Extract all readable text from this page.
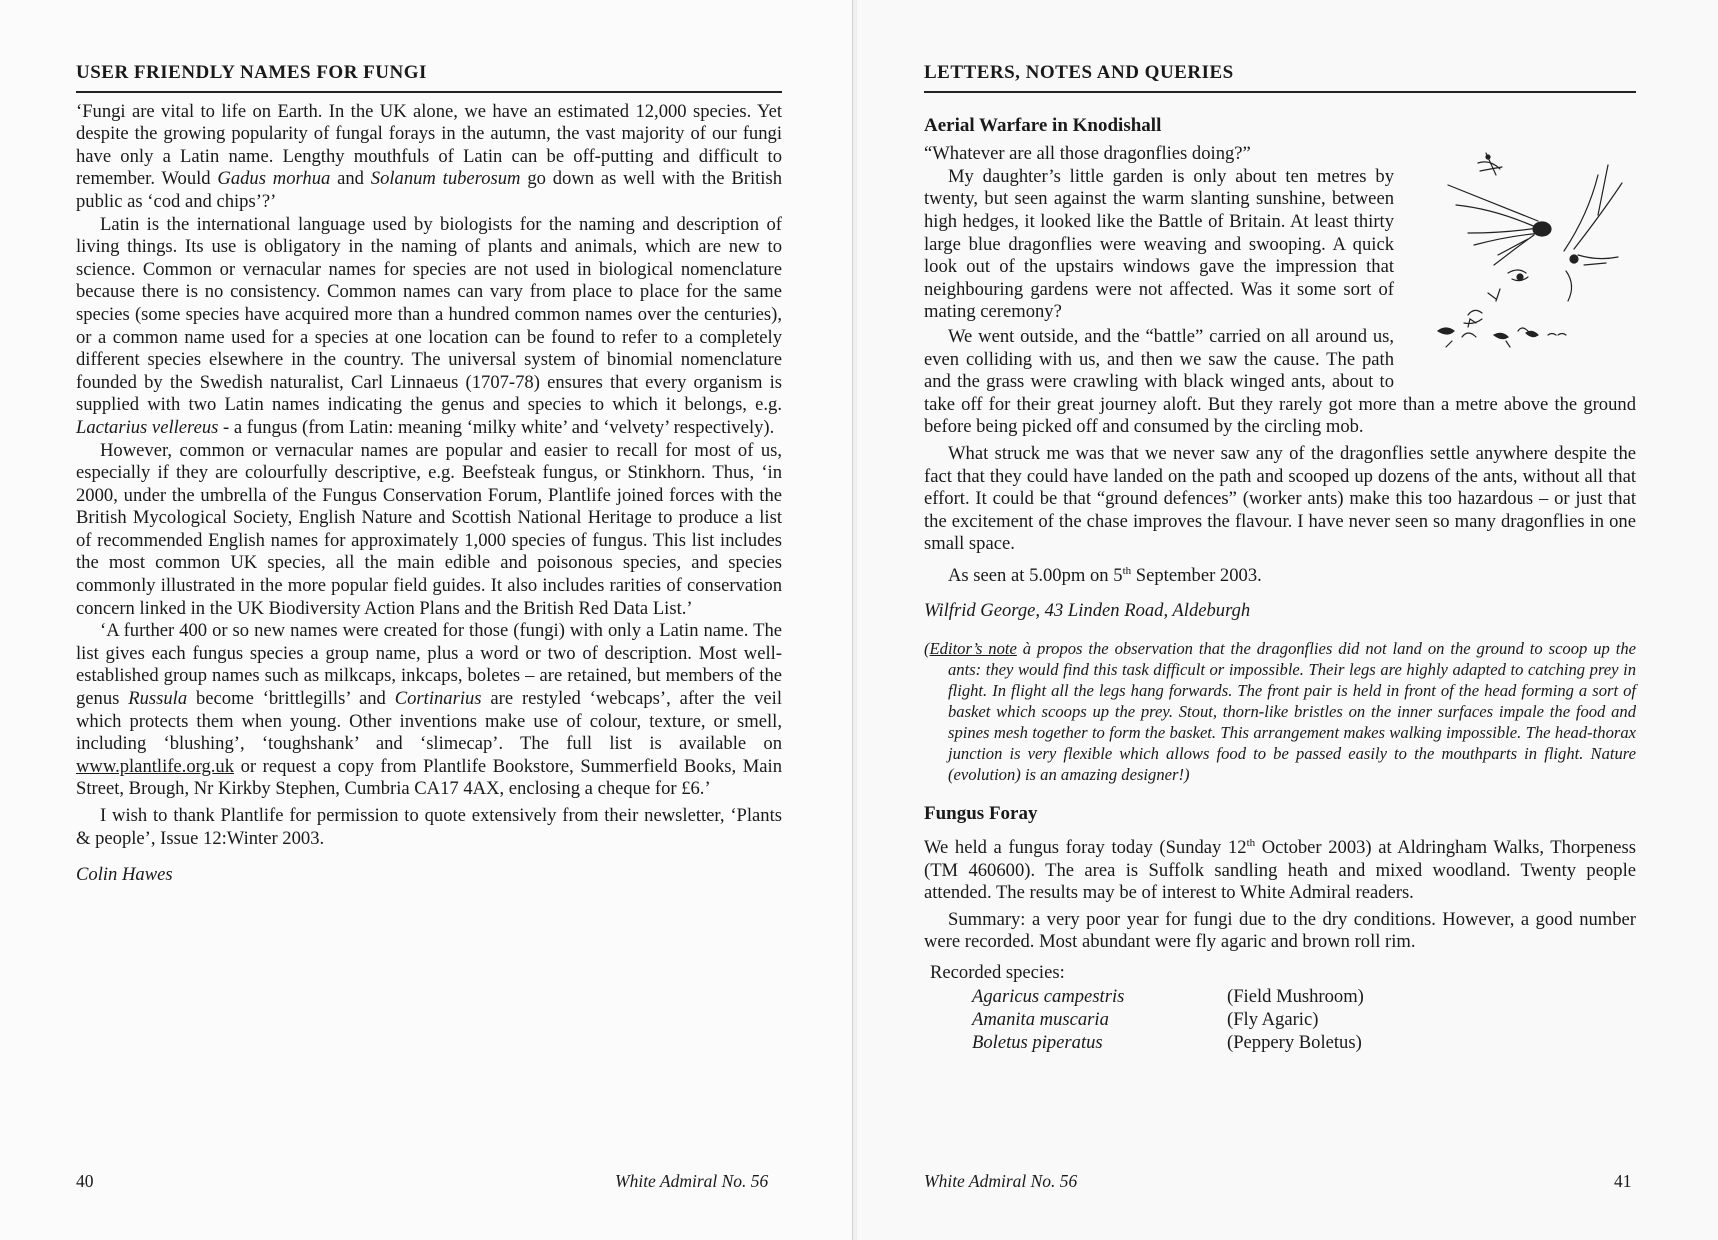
USER FRIENDLY NAMES FOR FUNGI

‘Fungi are vital to life on Earth. In the UK alone, we have an estimated 12,000 species. Yet despite the growing popularity of fungal forays in the autumn, the vast majority of our fungi have only a Latin name. Lengthy mouthfuls of Latin can be off-putting and difficult to remember. Would Gadus morhua and Solanum tuberosum go down as well with the British public as ‘cod and chips’?’

Latin is the international language used by biologists for the naming and description of living things. Its use is obligatory in the naming of plants and animals, which are new to science. Common or vernacular names for species are not used in biological nomenclature because there is no consistency. Common names can vary from place to place for the same species (some species have acquired more than a hundred common names over the centuries), or a common name used for a species at one location can be found to refer to a completely different species elsewhere in the country. The universal system of binomial nomenclature founded by the Swedish naturalist, Carl Linnaeus (1707-78) ensures that every organism is supplied with two Latin names indicating the genus and species to which it belongs, e.g. Lactarius vellereus - a fungus (from Latin: meaning ‘milky white’ and ‘velvety’ respectively).

However, common or vernacular names are popular and easier to recall for most of us, especially if they are colourfully descriptive, e.g. Beefsteak fungus, or Stinkhorn. Thus, ‘in 2000, under the umbrella of the Fungus Conservation Forum, Plantlife joined forces with the British Mycological Society, English Nature and Scottish National Heritage to produce a list of recommended English names for approximately 1,000 species of fungus. This list includes the most common UK species, all the main edible and poisonous species, and species commonly illustrated in the more popular field guides. It also includes rarities of conservation concern linked in the UK Biodiversity Action Plans and the British Red Data List.’

‘A further 400 or so new names were created for those (fungi) with only a Latin name. The list gives each fungus species a group name, plus a word or two of description. Most well-established group names such as milkcaps, inkcaps, boletes – are retained, but members of the genus Russula become ‘brittlegills’ and Cortinarius are restyled ‘webcaps’, after the veil which protects them when young. Other inventions make use of colour, texture, or smell, including ‘blushing’, ‘toughshank’ and ‘slimecap’. The full list is available on www.plantlife.org.uk or request a copy from Plantlife Bookstore, Summerfield Books, Main Street, Brough, Nr Kirkby Stephen, Cumbria CA17 4AX, enclosing a cheque for £6.’

I wish to thank Plantlife for permission to quote extensively from their newsletter, ‘Plants & people’, Issue 12:Winter 2003.

Colin Hawes

40	White Admiral No. 56
LETTERS, NOTES AND QUERIES
Aerial Warfare in Knodishall

“Whatever are all those dragonflies doing?”

My daughter’s little garden is only about ten metres by twenty, but seen against the warm slanting sunshine, between high hedges, it looked like the Battle of Britain. At least thirty large blue dragonflies were weaving and swooping. A quick look out of the upstairs windows gave the impression that neighbouring gardens were not affected. Was it some sort of mating ceremony?

We went outside, and the “battle” carried on all around us, even colliding with us, and then we saw the cause. The path and the grass were crawling with black winged ants, about to take off for their great journey aloft. But they rarely got more than a metre above the ground before being picked off and consumed by the circling mob.

What struck me was that we never saw any of the dragonflies settle anywhere despite the fact that they could have landed on the path and scooped up dozens of the ants, without all that effort. It could be that “ground defences” (worker ants) make this too hazardous – or just that the excitement of the chase improves the flavour. I have never seen so many dragonflies in one small space.

As seen at 5.00pm on 5th September 2003.

Wilfrid George, 43 Linden Road, Aldeburgh

(Editor’s note à propos the observation that the dragonflies did not land on the ground to scoop up the ants: they would find this task difficult or impossible. Their legs are highly adapted to catching prey in flight. In flight all the legs hang forwards. The front pair is held in front of the head forming a sort of basket which scoops up the prey. Stout, thorn-like bristles on the inner surfaces impale the food and spines mesh together to form the basket. This arrangement makes walking impossible. The head-thorax junction is very flexible which allows food to be passed easily to the mouthparts in flight. Nature (evolution) is an amazing designer!)

Fungus Foray

We held a fungus foray today (Sunday 12th October 2003) at Aldringham Walks, Thorpeness (TM 460600). The area is Suffolk sandling heath and mixed woodland. Twenty people attended. The results may be of interest to White Admiral readers.

Summary: a very poor year for fungi due to the dry conditions. However, a good number were recorded. Most abundant were fly agaric and brown roll rim.

Recorded species:
Agaricus campestris	(Field Mushroom)
Amanita muscaria	(Fly Agaric)
Boletus piperatus	(Peppery Boletus)
White Admiral No. 56	41
